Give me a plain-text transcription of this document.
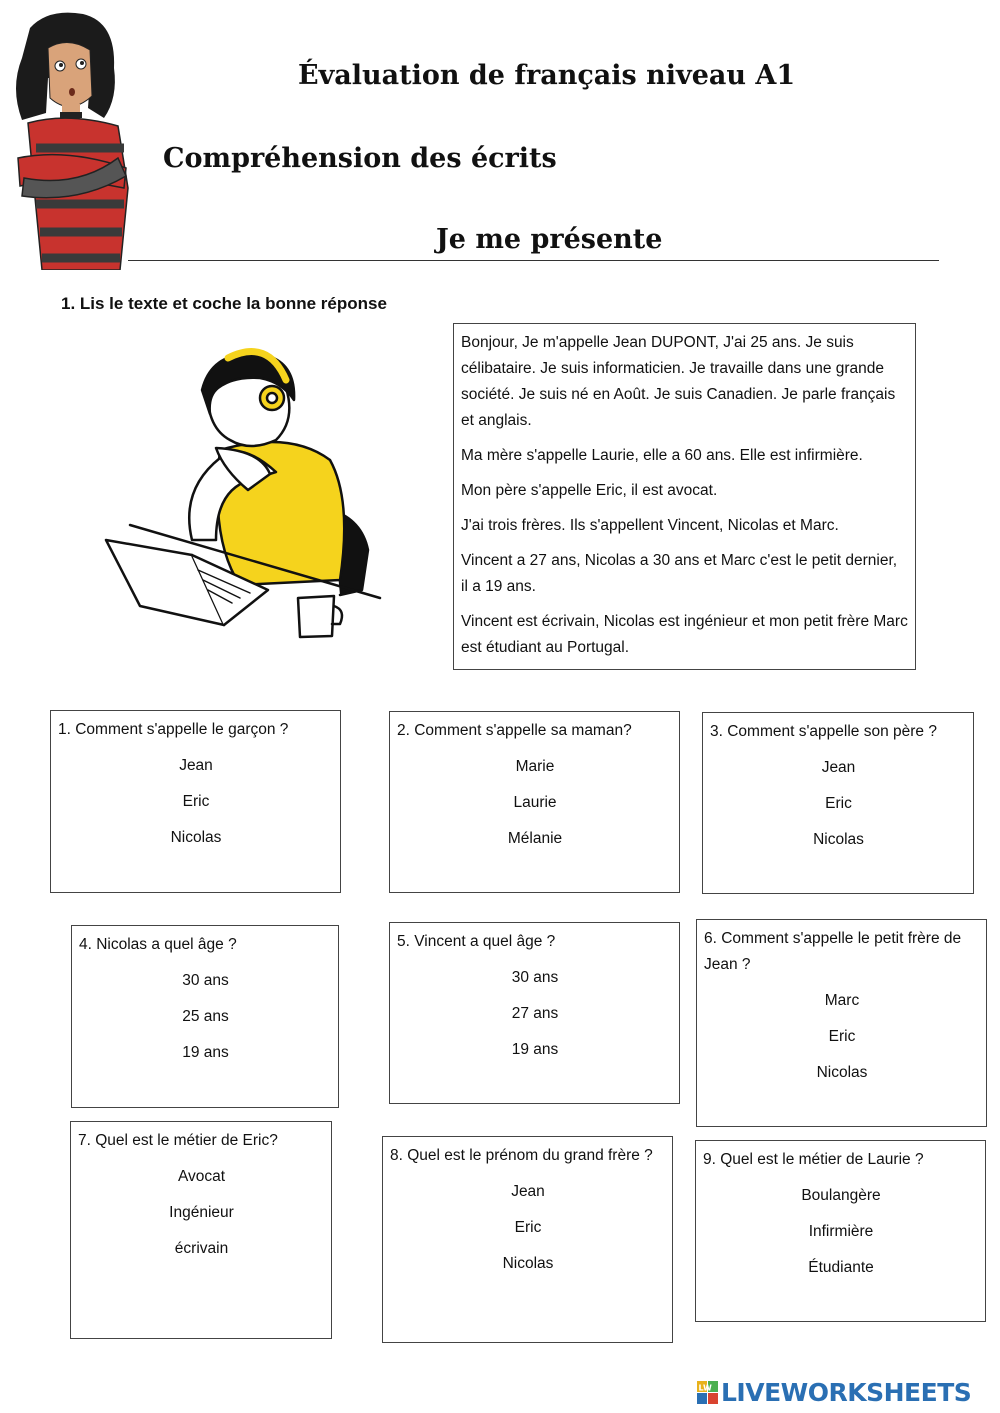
Évaluation de français niveau A1
Compréhension des écrits
Je me présente
1. Lis le texte et coche la bonne réponse

Bonjour, Je m'appelle Jean DUPONT, J'ai 25 ans. Je suis célibataire. Je suis informaticien. Je travaille dans une grande société. Je suis né en Août. Je suis Canadien. Je parle français et anglais.

Ma mère s'appelle Laurie, elle a 60 ans. Elle est infirmière.

Mon père s'appelle Eric, il est avocat.

J'ai trois frères. Ils s'appellent Vincent, Nicolas et Marc.

Vincent a 27 ans, Nicolas a 30 ans et Marc c'est le petit dernier, il a 19 ans.

Vincent est écrivain, Nicolas est ingénieur et mon petit frère Marc est étudiant au Portugal.

1. Comment s'appelle le garçon ?
Jean
Eric
Nicolas
2. Comment s'appelle sa maman?
Marie
Laurie
Mélanie
3. Comment s'appelle son père ?
Jean
Eric
Nicolas
4. Nicolas a quel âge ?
30 ans
25 ans
19 ans
5. Vincent a quel âge ?
30 ans
27 ans
19 ans
6. Comment s'appelle le petit frère de Jean ?
Marc
Eric
Nicolas
7. Quel est le métier de Eric?
Avocat
Ingénieur
écrivain
8. Quel est le prénom du grand frère ?
Jean
Eric
Nicolas
9. Quel est le métier de Laurie ?
Boulangère
Infirmière
Étudiante
LW LIVEWORKSHEETS
